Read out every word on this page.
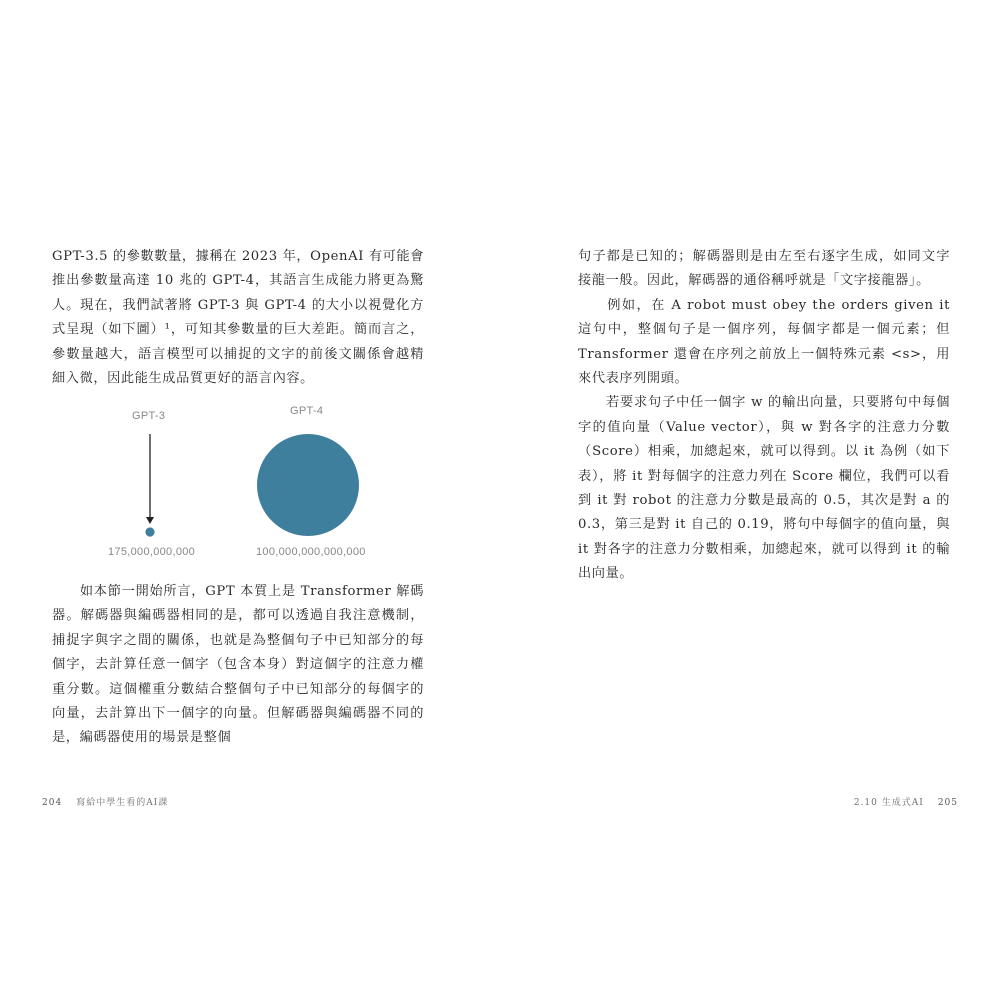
GPT-3.5 的參數數量，據稱在 2023 年，OpenAI 有可能會推出參數量高達 10 兆的 GPT-4，其語言生成能力將更為驚人。現在，我們試著將 GPT-3 與 GPT-4 的大小以視覺化方式呈現（如下圖）¹，可知其參數量的巨大差距。簡而言之，參數量越大，語言模型可以捕捉的文字的前後文關係會越精細入微，因此能生成品質更好的語言內容。

GPT-3	GPT-4
175,000,000,000	100,000,000,000,000

　　如本節一開始所言，GPT 本質上是 Transformer 解碼器。解碼器與編碼器相同的是，都可以透過自我注意機制，捕捉字與字之間的關係，也就是為整個句子中已知部分的每個字，去計算任意一個字（包含本身）對這個字的注意力權重分數。這個權重分數結合整個句子中已知部分的每個字的向量，去計算出下一個字的向量。但解碼器與編碼器不同的是，編碼器使用的場景是整個

204 寫給中學生看的AI課

句子都是已知的；解碼器則是由左至右逐字生成，如同文字接龍一般。因此，解碼器的通俗稱呼就是「文字接龍器」。
　　例如，在 A robot must obey the orders given it 這句中，整個句子是一個序列，每個字都是一個元素；但 Transformer 還會在序列之前放上一個特殊元素 <s>，用來代表序列開頭。
　　若要求句子中任一個字 w 的輸出向量，只要將句中每個字的值向量（Value vector），與 w 對各字的注意力分數（Score）相乘，加總起來，就可以得到。以 it 為例（如下表），將 it 對每個字的注意力列在 Score 欄位，我們可以看到 it 對 robot 的注意力分數是最高的 0.5，其次是對 a 的 0.3，第三是對 it 自己的 0.19，將句中每個字的值向量，與 it 對各字的注意力分數相乘，加總起來，就可以得到 it 的輸出向量。

2.10 生成式AI 205
